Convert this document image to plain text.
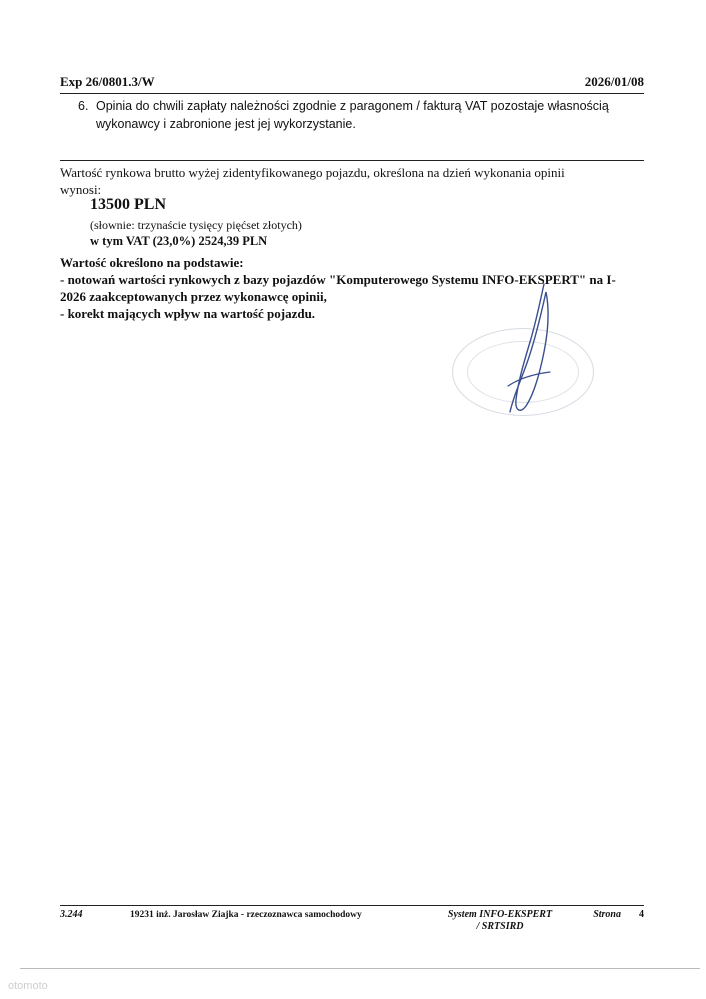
Exp 26/0801.3/W	2026/01/08
6. Opinia do chwili zapłaty należności zgodnie z paragonem / fakturą VAT pozostaje własnością
wykonawcy i zabronione jest jej wykorzystanie.
Wartość rynkowa brutto wyżej zidentyfikowanego pojazdu, określona na dzień wykonania opinii
wynosi:
13500 PLN
(słownie: trzynaście tysięcy pięćset złotych)
w tym VAT (23,0%) 2524,39 PLN
Wartość określono na podstawie:
- notowań wartości rynkowych z bazy pojazdów "Komputerowego Systemu INFO-EKSPERT" na I-
2026 zaakceptowanych przez wykonawcę opinii,
- korekt mających wpływ na wartość pojazdu.
3.244	19231 inż. Jarosław Ziajka - rzeczoznawca samochodowy	System INFO-EKSPERT
/ SRTSIRD
Strona 4
otomoto
